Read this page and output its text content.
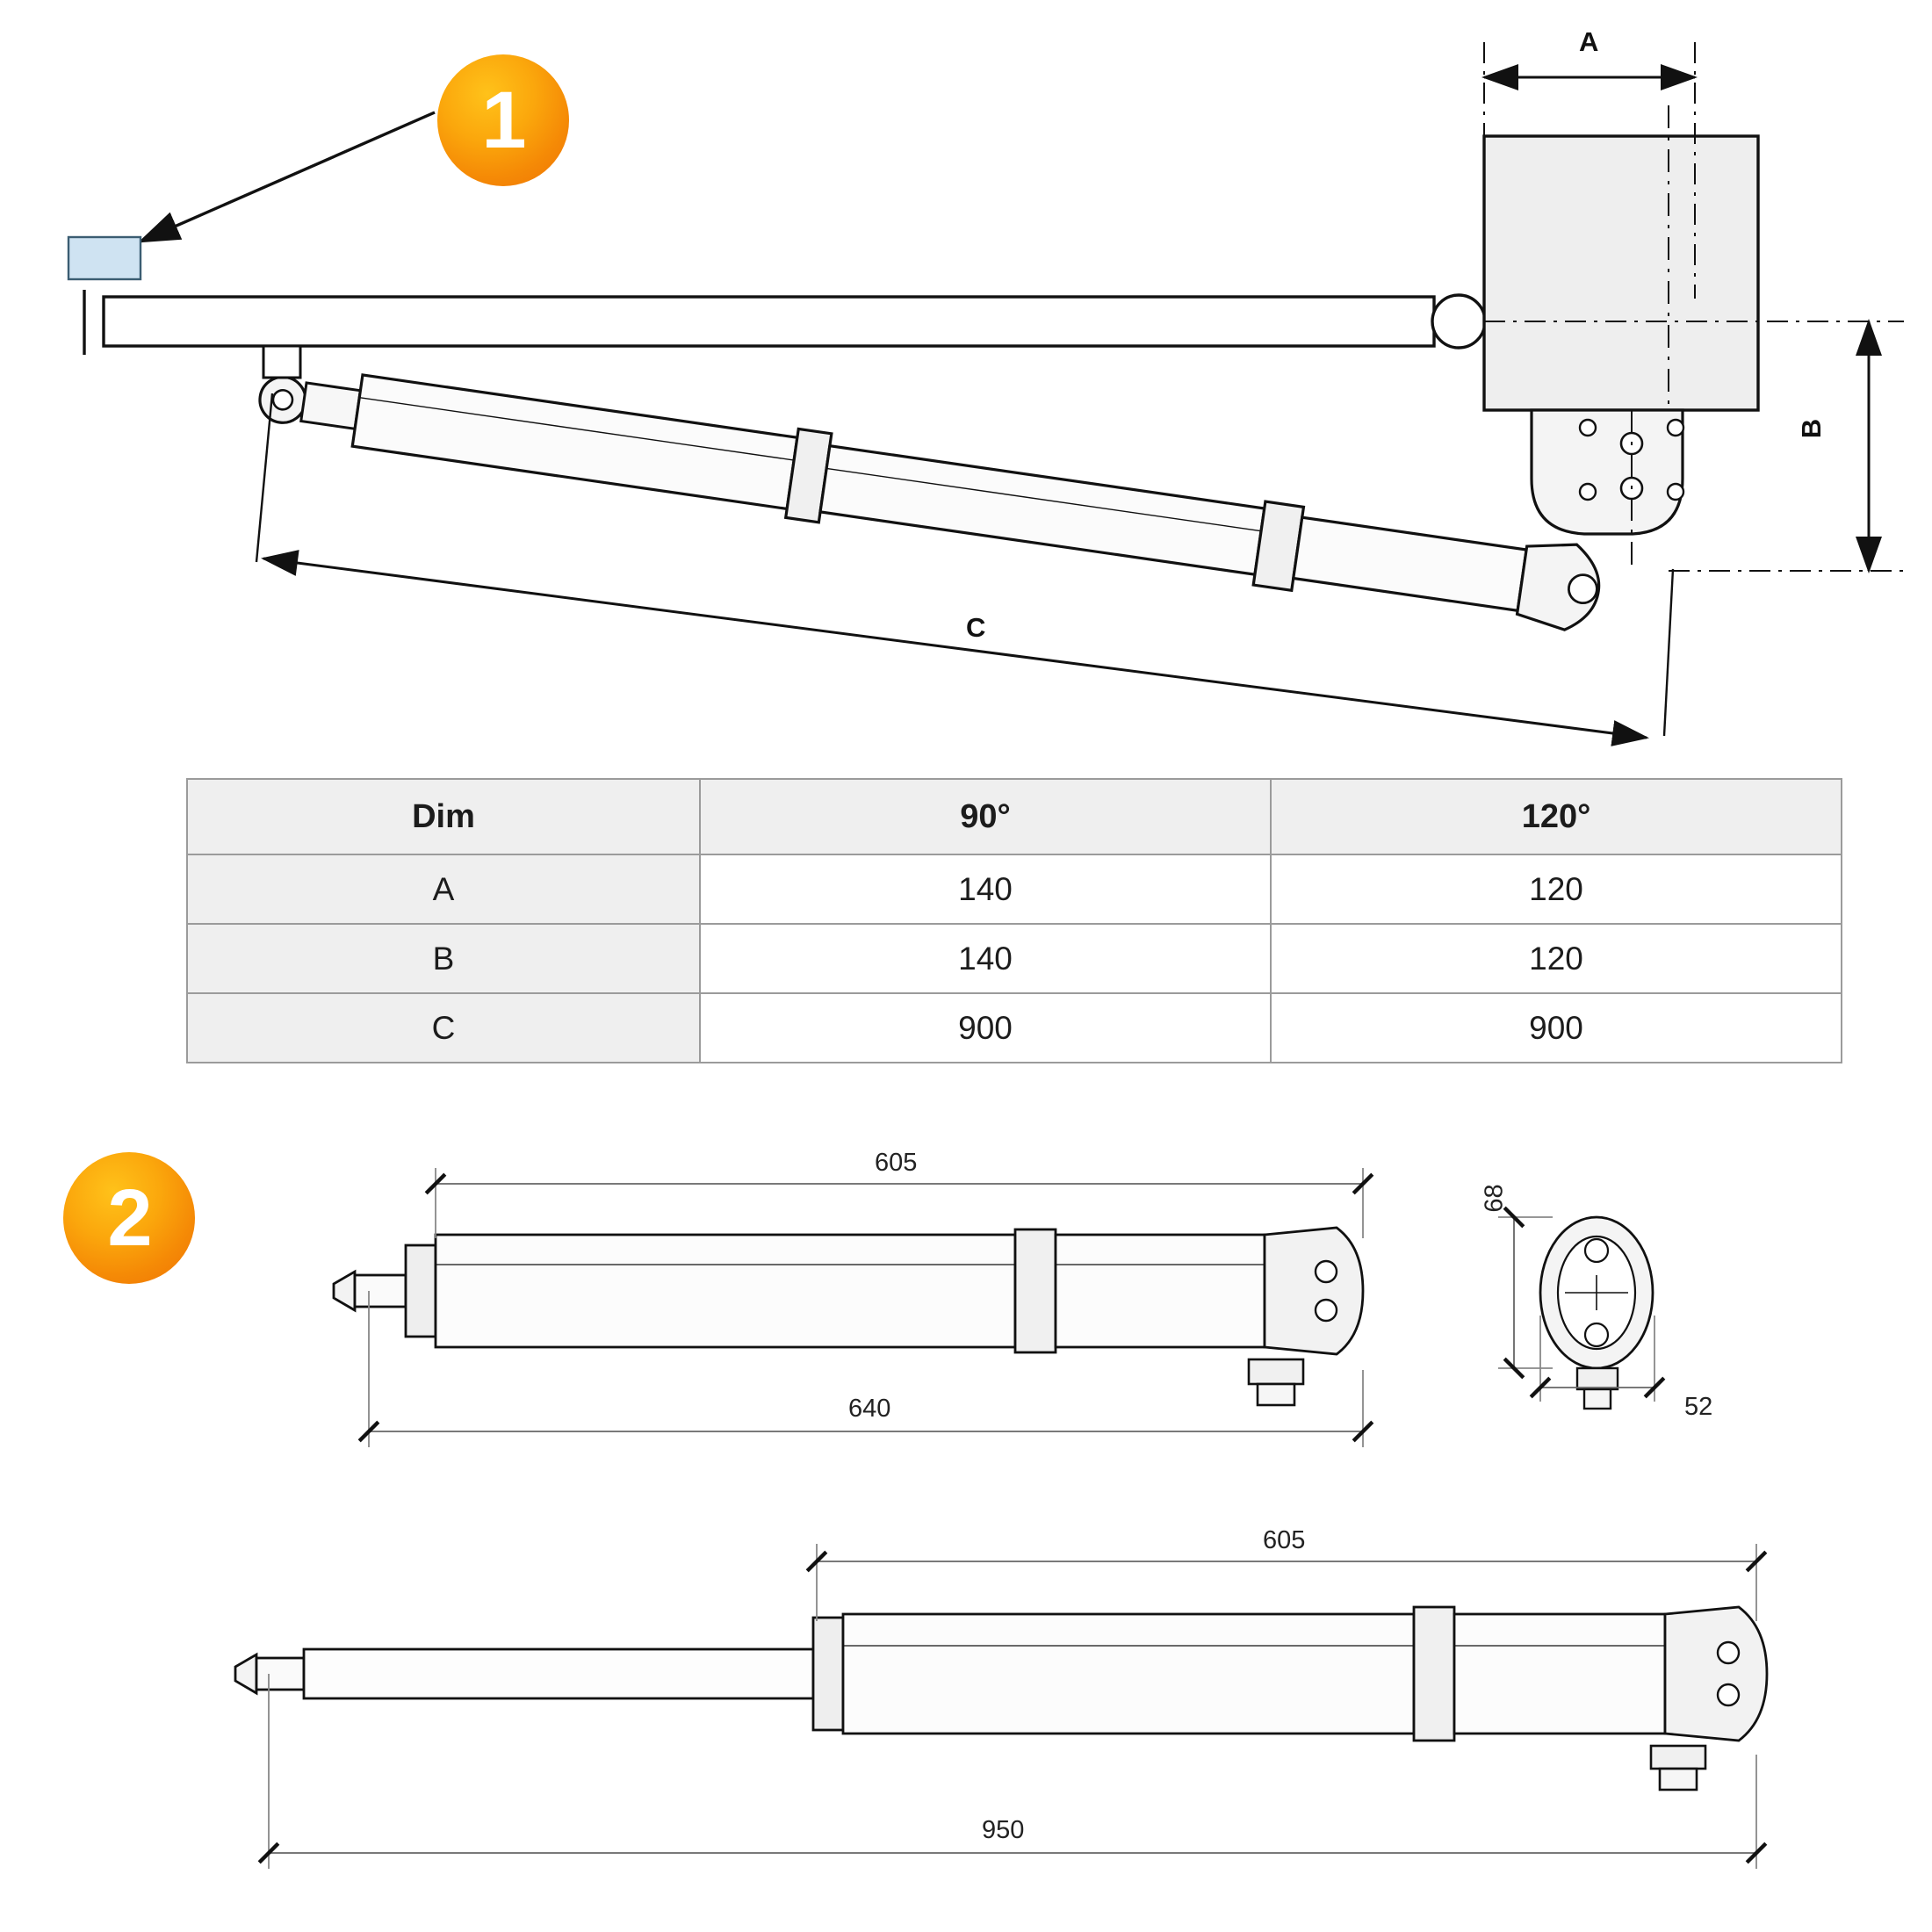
1
2
A
B
C
Dim	90°	120°
A	140	120
B	140	120
C	900	900
605
640
68
52
605
950
